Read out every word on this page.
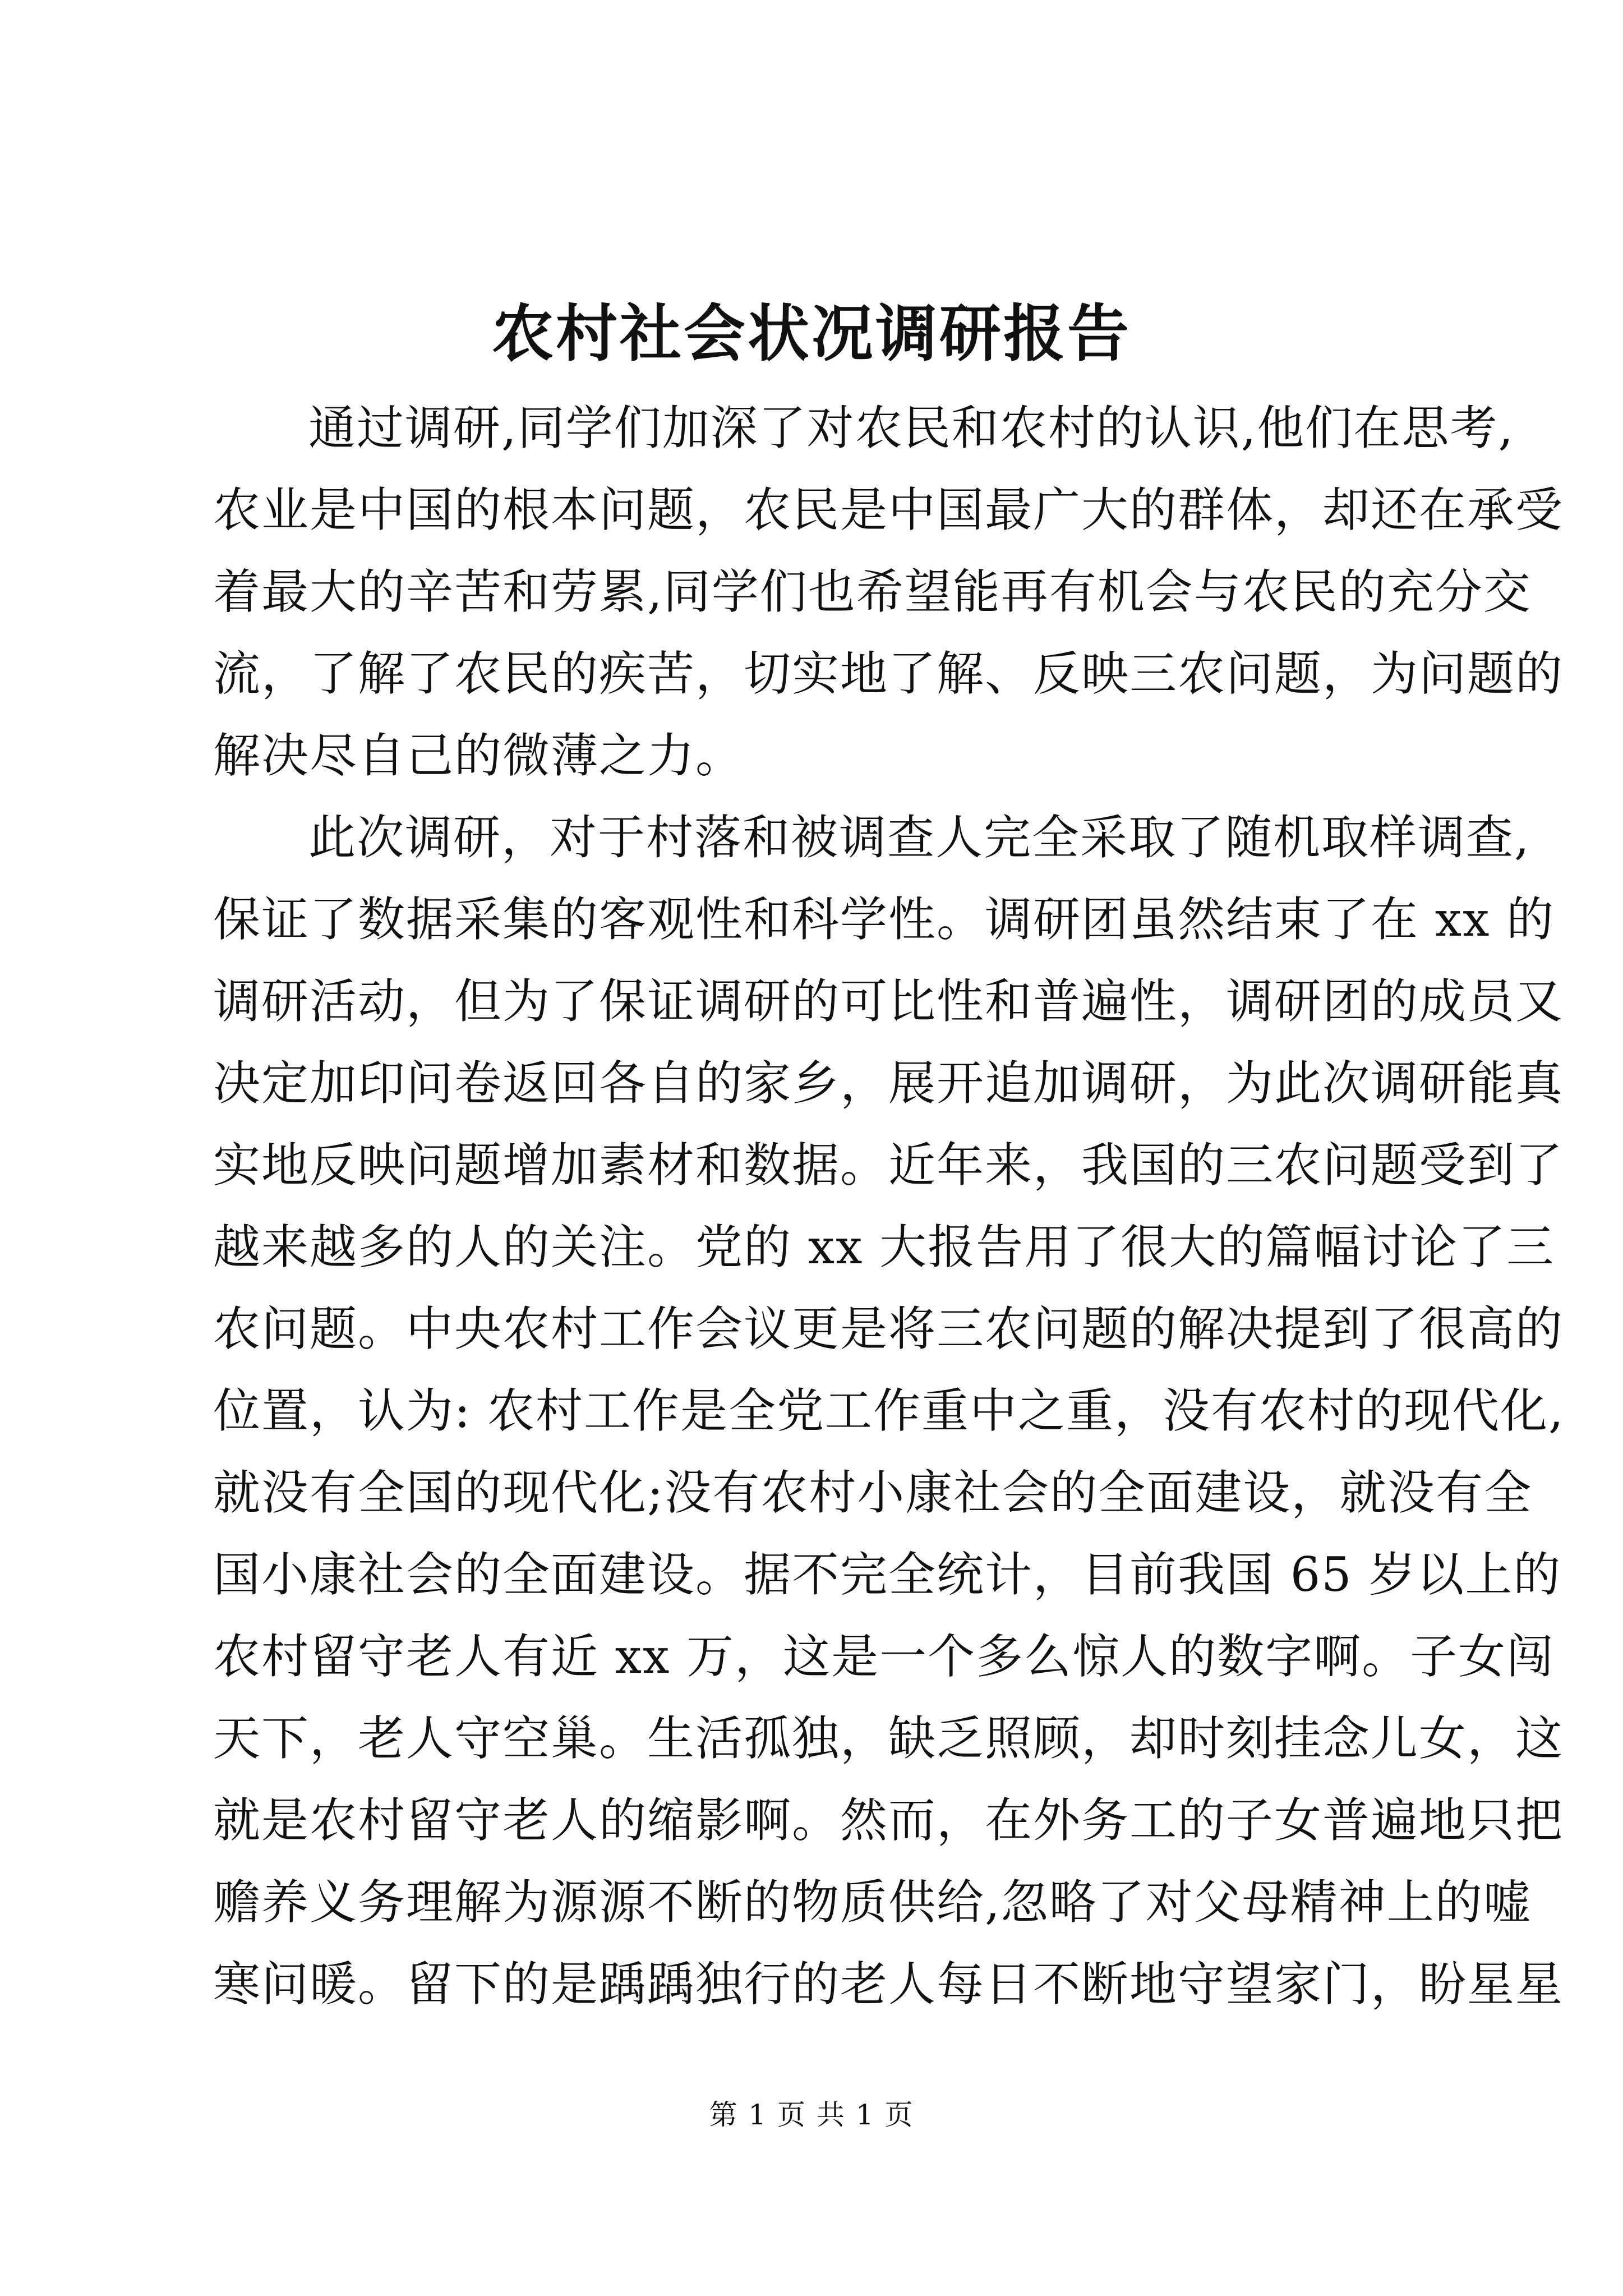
农村社会状况调研报告
通过调研,同学们加深了对农民和农村的认识,他们在思考,
农业是中国的根本问题，农民是中国最广大的群体，却还在承受
着最大的辛苦和劳累,同学们也希望能再有机会与农民的充分交
流，了解了农民的疾苦，切实地了解、反映三农问题，为问题的
解决尽自己的微薄之力。
此次调研，对于村落和被调查人完全采取了随机取样调查,
保证了数据采集的客观性和科学性。调研团虽然结束了在 xx 的
调研活动，但为了保证调研的可比性和普遍性，调研团的成员又
决定加印问卷返回各自的家乡，展开追加调研，为此次调研能真
实地反映问题增加素材和数据。近年来，我国的三农问题受到了
越来越多的人的关注。党的 xx 大报告用了很大的篇幅讨论了三
农问题。中央农村工作会议更是将三农问题的解决提到了很高的
位置，认为: 农村工作是全党工作重中之重，没有农村的现代化,
就没有全国的现代化;没有农村小康社会的全面建设，就没有全
国小康社会的全面建设。据不完全统计，目前我国 65 岁以上的
农村留守老人有近 xx 万，这是一个多么惊人的数字啊。子女闯
天下，老人守空巢。生活孤独，缺乏照顾，却时刻挂念儿女，这
就是农村留守老人的缩影啊。然而，在外务工的子女普遍地只把
赡养义务理解为源源不断的物质供给,忽略了对父母精神上的嘘
寒问暖。留下的是踽踽独行的老人每日不断地守望家门，盼星星
第 1 页 共 1 页
